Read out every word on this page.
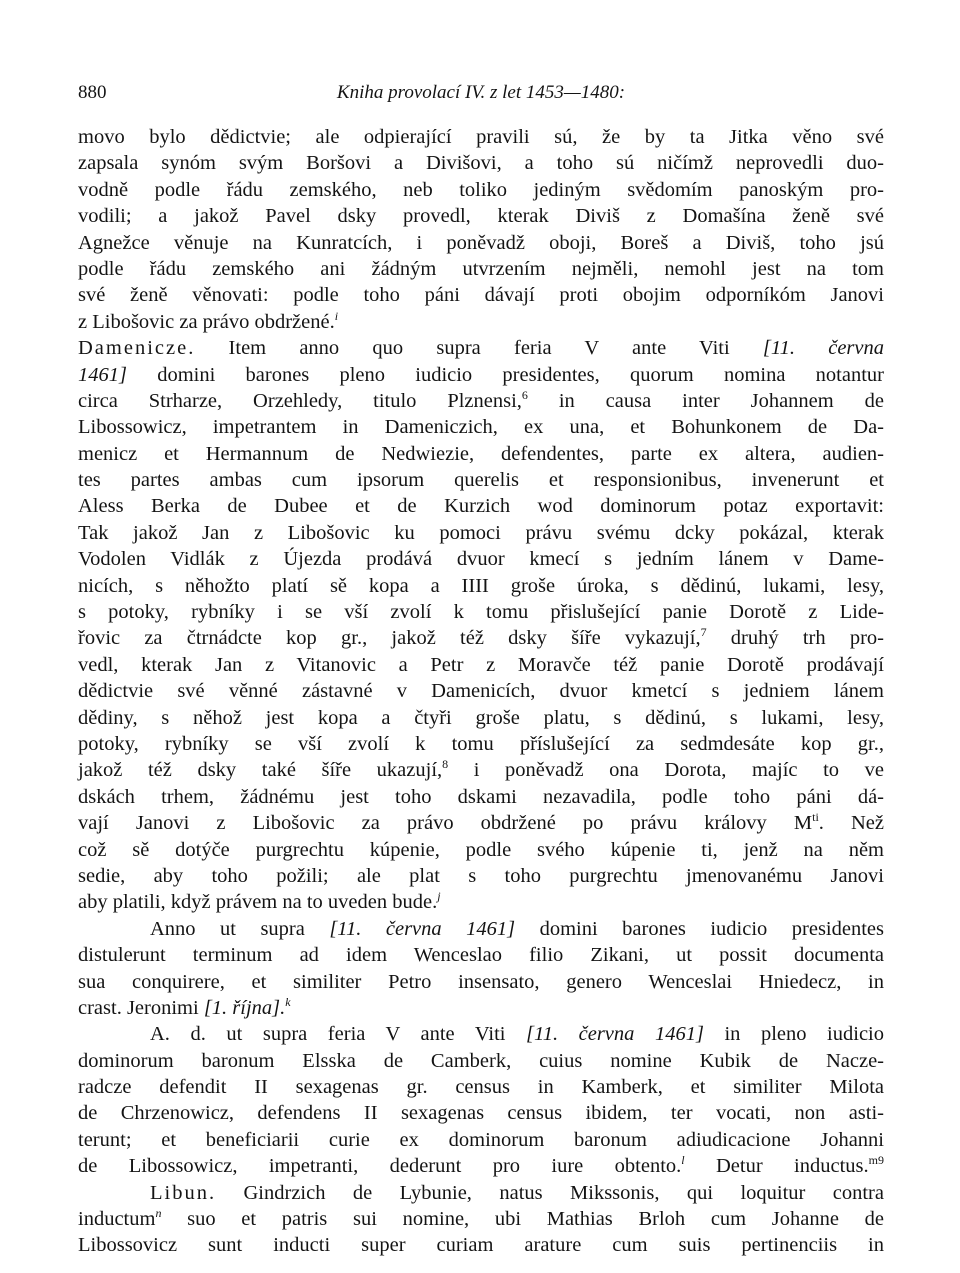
880	Kniha provolací IV. z let 1453—1480:
movo bylo dědictvie; ale odpierající pravili sú, že by ta Jitka věno své
zapsala synóm svým Boršovi a Divišovi, a toho sú ničímž neprovedli duo-
vodně podle řádu zemského, neb toliko jediným svědomím panoským pro-
vodili; a jakož Pavel dsky provedl, kterak Diviš z Domašína ženě své
Agnežce věnuje na Kunratcích, i poněvadž oboji, Boreš a Diviš, toho jsú
podle řádu zemského ani žádným utvrzením nejměli, nemohl jest na tom
své ženě věnovati: podle toho páni dávají proti obojim odporníkóm Janovi
z Libošovic za právo obdržené.$^i$
Damenicze. Item anno quo supra feria V ante Viti [11. června
1461] domini barones pleno iudicio presidentes, quorum nomina notantur
circa Strharze, Orzehledy, titulo Plznensi,$^6$ in causa inter Johannem de
Libossowicz, impetrantem in Dameniczich, ex una, et Bohunkonem de Da-
menicz et Hermannum de Nedwiezie, defendentes, parte ex altera, audien-
tes partes ambas cum ipsorum querelis et responsionibus, invenerunt et
Aless Berka de Dubee et de Kurzich wod dominorum potaz exportavit:
Tak jakož Jan z Libošovic ku pomoci právu svému dcky pokázal, kterak
Vodolen Vidlák z Újezda prodává dvuor kmecí s jedním lánem v Dame-
nicích, s něhožto platí sě kopa a IIII groše úroka, s dědinú, lukami, lesy,
s potoky, rybníky i se vší zvolí k tomu přislušející panie Dorotě z Lide-
řovic za čtrnádcte kop gr., jakož též dsky šíře vykazují,$^7$ druhý trh pro-
vedl, kterak Jan z Vitanovic a Petr z Moravče též panie Dorotě prodávají
dědictvie své věnné zástavné v Damenicích, dvuor kmetcí s jedniem lánem
dědiny, s něhož jest kopa a čtyři groše platu, s dědinú, s lukami, lesy,
potoky, rybníky se vší zvolí k tomu příslušející za sedmdesáte kop gr.,
jakož též dsky také šíře ukazují,$^8$ i poněvadž ona Dorota, majíc to ve
dskách trhem, žádnému jest toho dskami nezavadila, podle toho páni dá-
vají Janovi z Libošovic za právo obdržené po právu královy $M^{ti}$. Než
což sě dotýče purgrechtu kúpenie, podle svého kúpenie ti, jenž na něm
sedie, aby toho požili; ale plat s toho purgrechtu jmenovanému Janovi
aby platili, když právem na to uveden bude.$^j$
Anno ut supra [11. června 1461] domini barones iudicio presidentes
distulerunt terminum ad idem Wenceslao filio Zikani, ut possit documenta
sua conquirere, et similiter Petro insensato, genero Wenceslai Hniedecz, in
crast. Jeronimi [1. října].$^k$
A. d. ut supra feria V ante Viti [11. června 1461] in pleno iudicio
dominorum baronum Elsska de Camberk, cuius nomine Kubik de Nacze-
radcze defendit II sexagenas gr. census in Kamberk, et similiter Milota
de Chrzenowicz, defendens II sexagenas census ibidem, ter vocati, non asti-
terunt; et beneficiarii curie ex dominorum baronum adiudicacione Johanni
de Libossowicz, impetranti, dederunt pro iure obtento.$^l$ Detur inductus.$^{m9}$
Libun. Gindrzich de Lybunie, natus Mikssonis, qui loquitur contra
inductum$^n$ suo et patris sui nomine, ubi Mathias Brloh cum Johanne de
Libossovicz sunt inducti super curiam arature cum suis pertinenciis in
